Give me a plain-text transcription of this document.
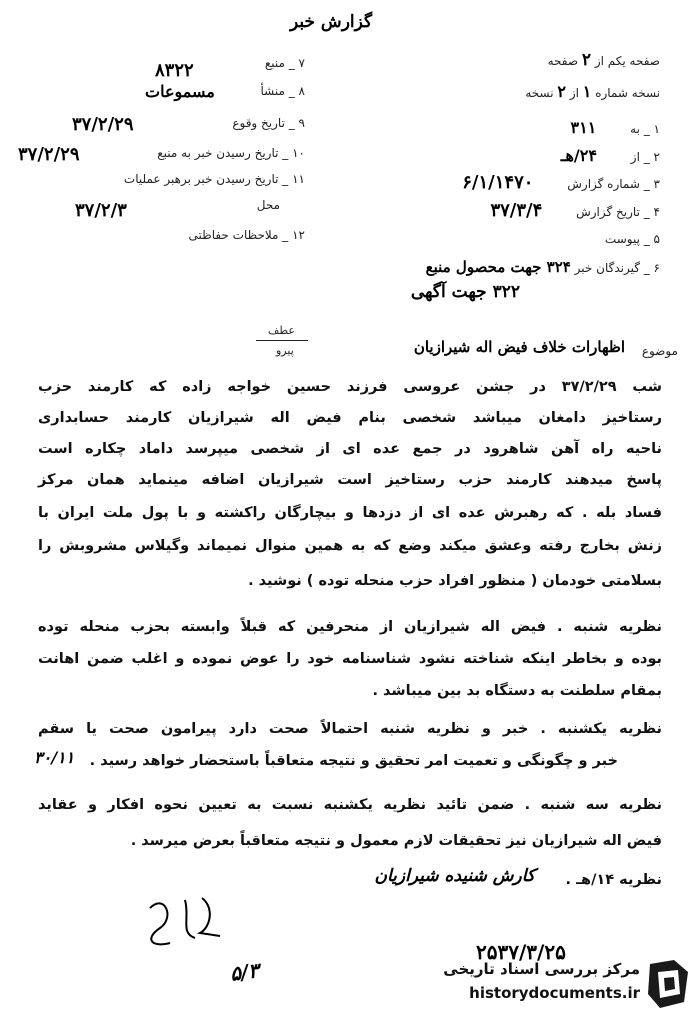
گزارش خبر
صفحه یکم از ۲ صفحه
نسخه شماره ۱ از ۲ نسخه
۱ _ به ۳۱۱
۲ _ از ۲۴/هـ
۳ _ شماره گزارش ۶/۱/۱۴۷۰
۴ _ تاریخ گزارش ۳۷/۳/۴
۵ _ پیوست
۶ _ گیرندگان خبر ۳۲۴ جهت محصول منبع
۳۲۲ جهت آگهی
۷ _ منبع
۸۳۲۲
۸ _ منشأ
مسموعات
۹ _ تاریخ وقوع
۳۷/۲/۲۹
۱۰ _ تاریخ رسیدن خبر به منبع
۳۷/۲/۲۹
۱۱ _ تاریخ رسیدن خبر برهبر عملیات
محل
۳۷/۲/۳
۱۲ _ ملاحظات حفاظتی
موضوع
اظهارات خلاف فیض اله شیرازیان
عطف
پیرو
شب ۳۷/۲/۲۹ در جشن عروسی فرزند حسین خواجه زاده که کارمند حزب
رستاخیز دامغان میباشد شخصی بنام فیض اله شیرازیان کارمند حسابداری
ناحیه راه آهن شاهرود در جمع عده ای از شخصی میپرسد داماد چکاره است
پاسخ میدهند کارمند حزب رستاخیز است شیرازیان اضافه مینماید همان مرکز
فساد بله . که رهبرش عده ای از دزدها و بیچارگان راکشته و با پول ملت ایران با
زنش بخارج رفته وعشق میکند وضع که به همین منوال نمیماند وگیلاس مشروبش را
بسلامتی خودمان ( منظور افراد حزب منحله توده ) نوشید .
نظریه شنبه . فیض اله شیرازیان از منحرفین که قبلاً وابسته بحزب منحله توده
بوده و بخاطر اینکه شناخته نشود شناسنامه خود را عوض نموده و اغلب ضمن اهانت
بمقام سلطنت به دستگاه بد بین میباشد .
نظریه یکشنبه . خبر و نظریه شنبه احتمالاً صحت دارد پیرامون صحت یا سقم
خبر و چگونگی و تعمیت امر تحقیق و نتیجه متعاقباً باستحضار خواهد رسید .
۳۰/۱۱
نظریه سه شنبه . ضمن تائید نظریه یکشنبه نسبت به تعیین نحوه افکار و عقاید
فیض اله شیرازیان نیز تحقیقات لازم معمول و نتیجه متعاقباً بعرض میرسد .
نظریه ۱۴/هـ .
کارش شنیده شیرازیان
۵/۳
۲۵۳۷/۳/۲۵
مرکز بررسی اسناد تاریخی
historydocuments.ir
